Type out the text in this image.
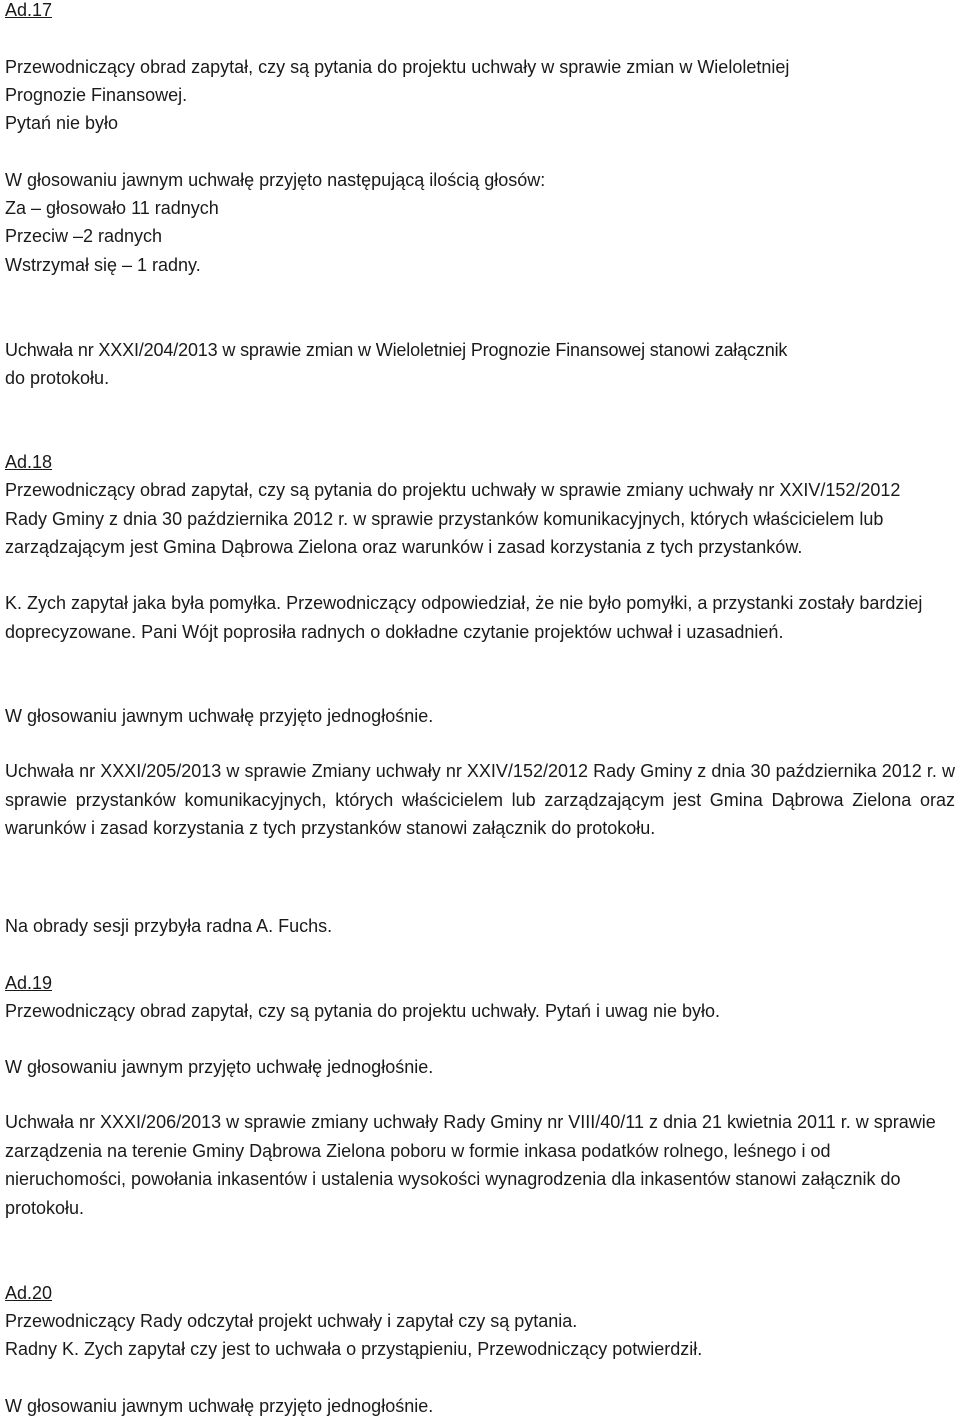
Ad.17
Przewodniczący obrad zapytał, czy są pytania do projektu uchwały w sprawie zmian w Wieloletniej
Prognozie Finansowej.
Pytań nie było
W głosowaniu jawnym uchwałę przyjęto następującą ilością głosów:
Za – głosowało 11 radnych
Przeciw –2 radnych
Wstrzymał się – 1 radny.
Uchwała nr XXXI/204/2013 w sprawie zmian w Wieloletniej Prognozie Finansowej stanowi załącznik
do protokołu.
Ad.18
Przewodniczący obrad zapytał, czy są pytania do projektu uchwały w sprawie zmiany uchwały nr XXIV/152/2012 Rady Gminy z dnia 30 października 2012 r. w sprawie przystanków komunikacyjnych, których właścicielem lub zarządzającym jest Gmina Dąbrowa Zielona oraz warunków i zasad korzystania z tych przystanków.
K. Zych zapytał jaka była pomyłka. Przewodniczący odpowiedział, że nie było pomyłki, a przystanki zostały bardziej doprecyzowane. Pani Wójt poprosiła radnych o dokładne czytanie projektów uchwał i uzasadnień.
W głosowaniu jawnym uchwałę przyjęto jednogłośnie.
Uchwała nr XXXI/205/2013 w sprawie Zmiany uchwały nr XXIV/152/2012 Rady Gminy z dnia 30 października 2012 r. w sprawie przystanków komunikacyjnych, których właścicielem lub zarządzającym jest Gmina Dąbrowa Zielona oraz warunków i zasad korzystania z tych przystanków stanowi załącznik do protokołu.
Na obrady sesji przybyła radna A. Fuchs.
Ad.19
Przewodniczący obrad zapytał, czy są pytania do projektu uchwały. Pytań i uwag nie było.
W głosowaniu jawnym przyjęto uchwałę jednogłośnie.
Uchwała nr XXXI/206/2013 w sprawie zmiany uchwały Rady Gminy nr VIII/40/11 z dnia 21 kwietnia 2011 r. w sprawie zarządzenia na terenie Gminy Dąbrowa Zielona poboru w formie inkasa podatków rolnego, leśnego i od nieruchomości, powołania inkasentów i ustalenia wysokości wynagrodzenia dla inkasentów stanowi załącznik do protokołu.
Ad.20
Przewodniczący Rady odczytał projekt uchwały i zapytał czy są pytania.
Radny K. Zych zapytał czy jest to uchwała o przystąpieniu, Przewodniczący potwierdził.
W głosowaniu jawnym uchwałę przyjęto jednogłośnie.
